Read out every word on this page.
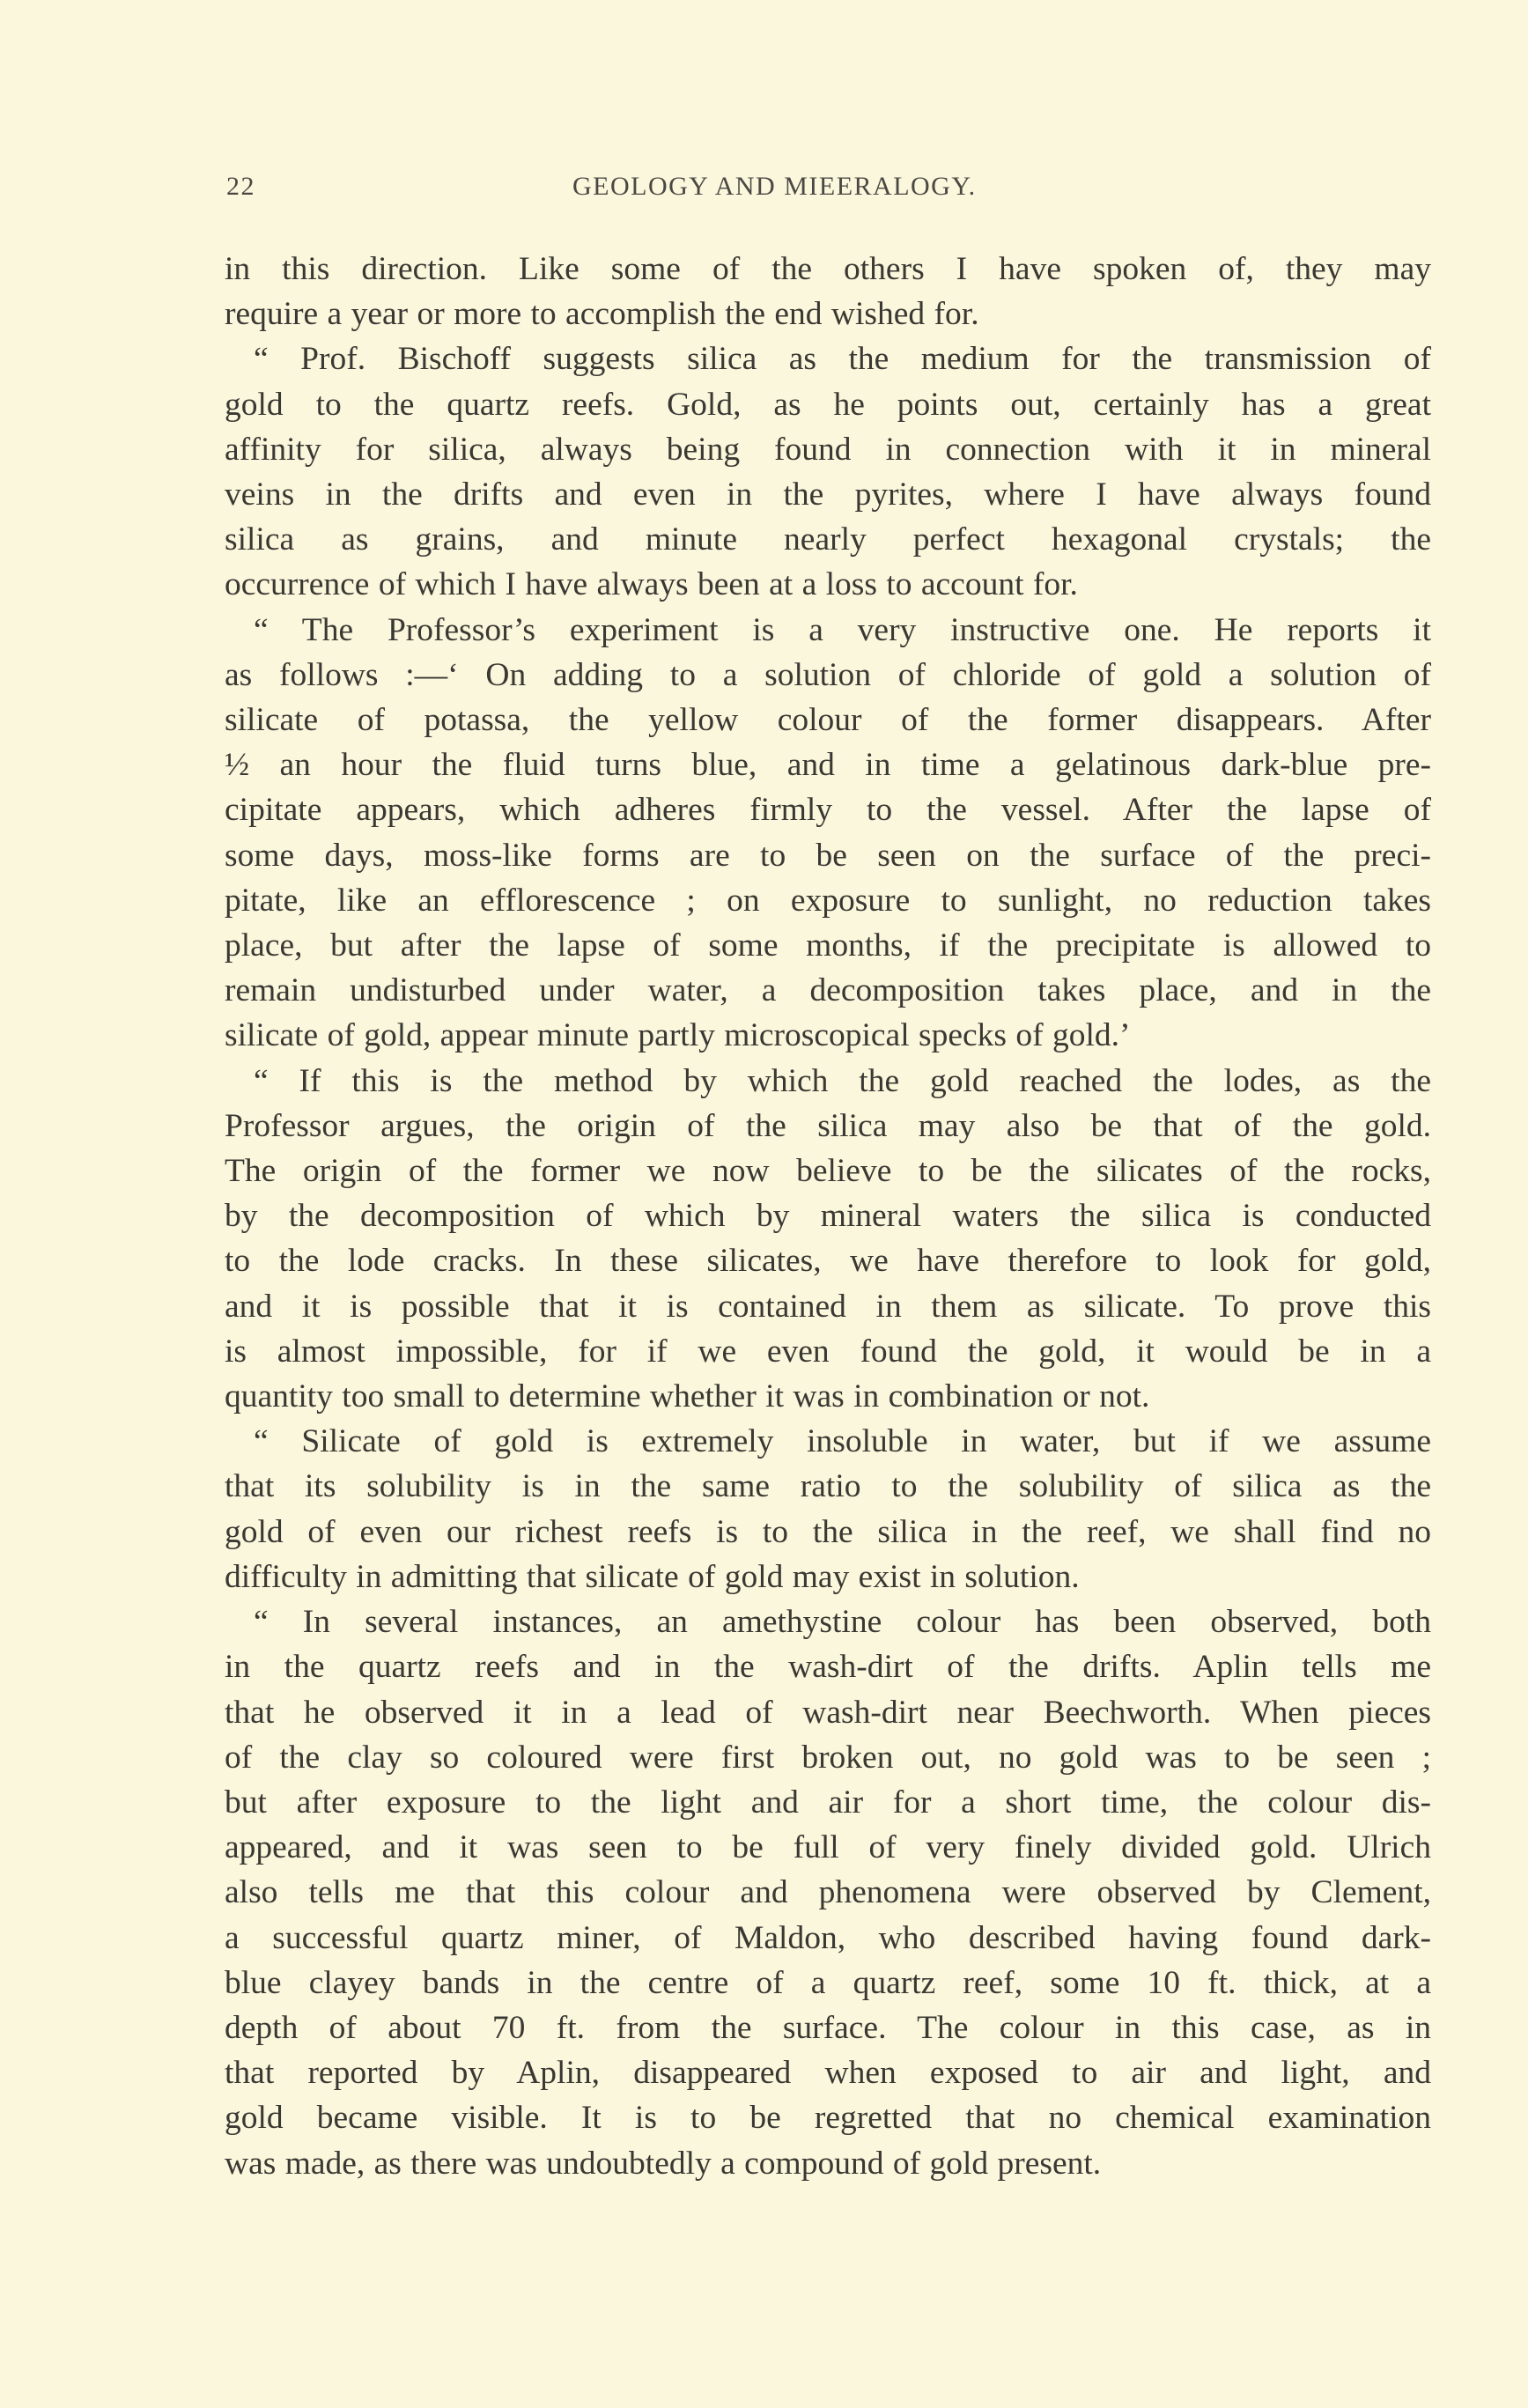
22	GEOLOGY AND MIEERALOGY.
in this direction. Like some of the others I have spoken of, they may
require a year or more to accomplish the end wished for.
“ Prof. Bischoff suggests silica as the medium for the transmission of
gold to the quartz reefs. Gold, as he points out, certainly has a great
affinity for silica, always being found in connection with it in mineral
veins in the drifts and even in the pyrites, where I have always found
silica as grains, and minute nearly perfect hexagonal crystals; the
occurrence of which I have always been at a loss to account for.
“ The Professor’s experiment is a very instructive one. He reports it
as follows :—‘ On adding to a solution of chloride of gold a solution of
silicate of potassa, the yellow colour of the former disappears. After
½ an hour the fluid turns blue, and in time a gelatinous dark-blue pre-
cipitate appears, which adheres firmly to the vessel. After the lapse of
some days, moss-like forms are to be seen on the surface of the preci-
pitate, like an efflorescence ; on exposure to sunlight, no reduction takes
place, but after the lapse of some months, if the precipitate is allowed to
remain undisturbed under water, a decomposition takes place, and in the
silicate of gold, appear minute partly microscopical specks of gold.’
“ If this is the method by which the gold reached the lodes, as the
Professor argues, the origin of the silica may also be that of the gold.
The origin of the former we now believe to be the silicates of the rocks,
by the decomposition of which by mineral waters the silica is conducted
to the lode cracks. In these silicates, we have therefore to look for gold,
and it is possible that it is contained in them as silicate. To prove this
is almost impossible, for if we even found the gold, it would be in a
quantity too small to determine whether it was in combination or not.
“ Silicate of gold is extremely insoluble in water, but if we assume
that its solubility is in the same ratio to the solubility of silica as the
gold of even our richest reefs is to the silica in the reef, we shall find no
difficulty in admitting that silicate of gold may exist in solution.
“ In several instances, an amethystine colour has been observed, both
in the quartz reefs and in the wash-dirt of the drifts. Aplin tells me
that he observed it in a lead of wash-dirt near Beechworth. When pieces
of the clay so coloured were first broken out, no gold was to be seen ;
but after exposure to the light and air for a short time, the colour dis-
appeared, and it was seen to be full of very finely divided gold. Ulrich
also tells me that this colour and phenomena were observed by Clement,
a successful quartz miner, of Maldon, who described having found dark-
blue clayey bands in the centre of a quartz reef, some 10 ft. thick, at a
depth of about 70 ft. from the surface. The colour in this case, as in
that reported by Aplin, disappeared when exposed to air and light, and
gold became visible. It is to be regretted that no chemical examination
was made, as there was undoubtedly a compound of gold present.
